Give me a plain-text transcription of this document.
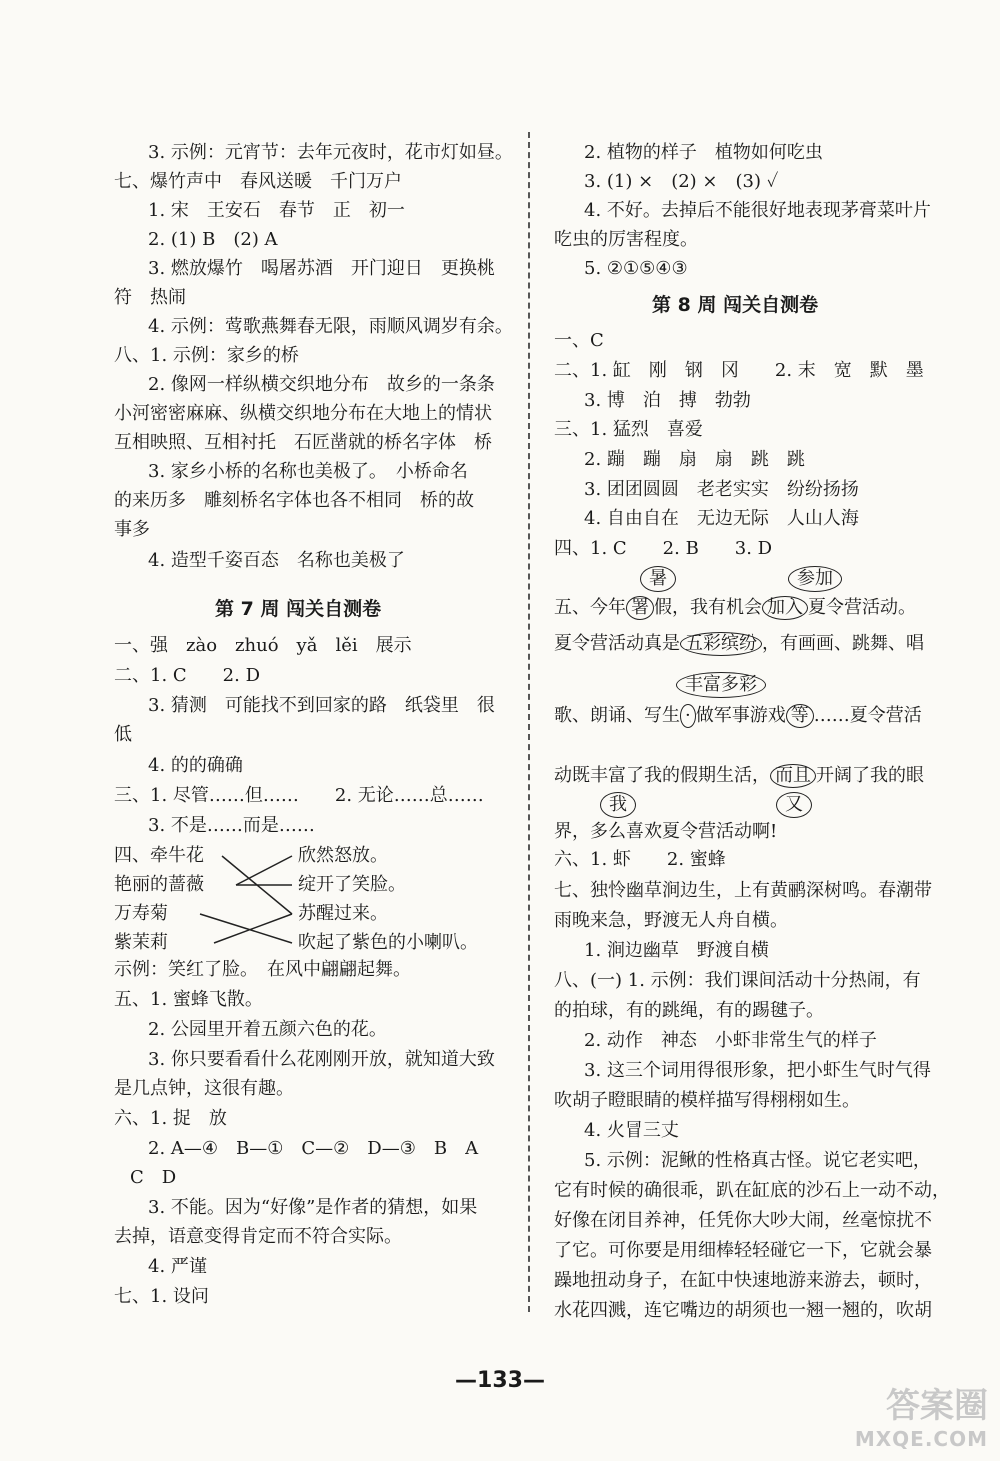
3. 示例：元宵节：去年元夜时，花市灯如昼。
七、爆竹声中　春风送暖　千门万户
1. 宋　王安石　春节　正　初一
2. (1) B　(2) A
3. 燃放爆竹　喝屠苏酒　开门迎日　更换桃
符　热闹
4. 示例：莺歌燕舞春无限，雨顺风调岁有余。
八、1. 示例：家乡的桥
2. 像网一样纵横交织地分布　故乡的一条条
小河密密麻麻、纵横交织地分布在大地上的情状
互相映照、互相衬托　石匠凿就的桥名字体　桥
3. 家乡小桥的名称也美极了。　小桥命名
的来历多　雕刻桥名字体也各不相同　桥的故
事多
4. 造型千姿百态　名称也美极了
第 7 周 闯关自测卷
一、强　zào　zhuó　yǎ　lěi　展示
二、1. C　　2. D
3. 猜测　可能找不到回家的路　纸袋里　很
低
4. 的的确确
三、1. 尽管……但……　　2. 无论……总……
3. 不是……而是……
四、牵牛花
艳丽的蔷薇
万寿菊
紫茉莉
欣然怒放。
绽开了笑脸。
苏醒过来。
吹起了紫色的小喇叭。
示例：笑红了脸。　在风中翩翩起舞。
五、1. 蜜蜂飞散。
2. 公园里开着五颜六色的花。
3. 你只要看看什么花刚刚开放，就知道大致
是几点钟，这很有趣。
六、1. 捉　放
2. A—④　B—①　C—②　D—③　B　A
C　D
3. 不能。因为“好像”是作者的猜想，如果
去掉，语意变得肯定而不符合实际。
4. 严谨
七、1. 设问
2. 植物的样子　植物如何吃虫
3. (1) ×　(2) ×　(3) ✓
4. 不好。去掉后不能很好地表现茅膏菜叶片
吃虫的厉害程度。
5. ②①⑤④③
第 8 周 闯关自测卷
一、C
二、1. 缸　刚　钢　冈　　2. 末　宽　默　墨
3. 博　泊　搏　勃勃
三、1. 猛烈　喜爱
2. 蹦　蹦　扇　扇　跳　跳
3. 团团圆圆　老老实实　纷纷扬扬
4. 自由自在　无边无际　人山人海
四、1. C　　2. B　　3. D
暑	参加
五、今年 署 假，我有机会 加入 夏令营活动。
夏令营活动真是 五彩缤纷 ，有画画、跳舞、唱
丰富多彩
歌、朗诵、写生 · 做军事游戏 等 ……夏令营活
动既丰富了我的假期生活， 而且 开阔了我的眼
我	又
界，多么喜欢夏令营活动啊!
六、1. 虾　　2. 蜜蜂
七、独怜幽草涧边生，上有黄鹂深树鸣。春潮带
雨晚来急，野渡无人舟自横。
1. 涧边幽草　野渡自横
八、(一) 1. 示例：我们课间活动十分热闹，有
的拍球，有的跳绳，有的踢毽子。
2. 动作　神态　小虾非常生气的样子
3. 这三个词用得很形象，把小虾生气时气得
吹胡子瞪眼睛的模样描写得栩栩如生。
4. 火冒三丈
5. 示例：泥鳅的性格真古怪。说它老实吧，
它有时候的确很乖，趴在缸底的沙石上一动不动，
好像在闭目养神，任凭你大吵大闹，丝毫惊扰不
了它。可你要是用细棒轻轻碰它一下，它就会暴
躁地扭动身子，在缸中快速地游来游去，顿时，
水花四溅，连它嘴边的胡须也一翘一翘的，吹胡
—133—
答案圈
MXQE.COM
